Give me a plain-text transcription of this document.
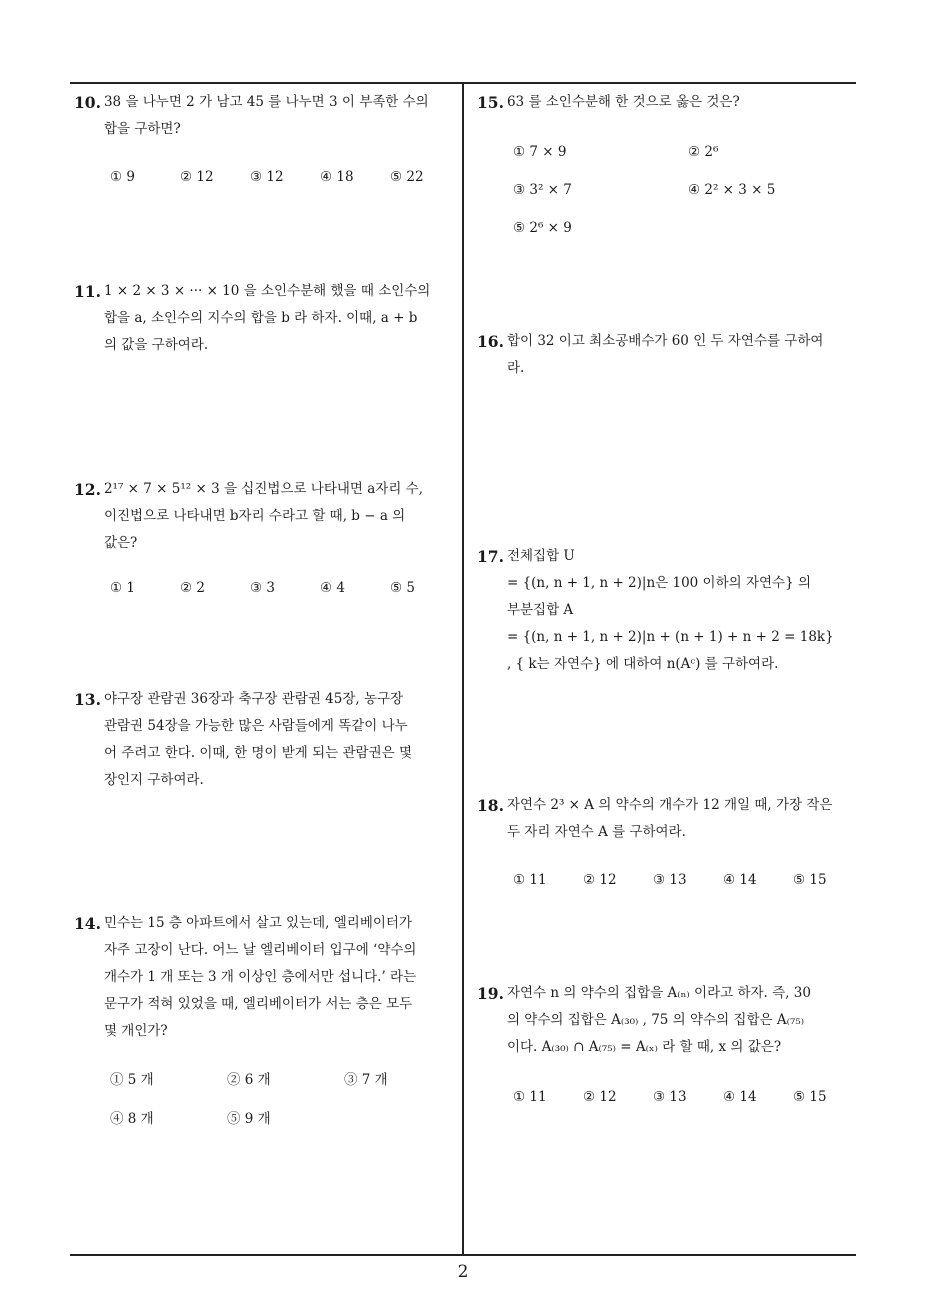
10. 38 을 나누면 2 가 남고 45 를 나누면 3 이 부족한 수의
합을 구하면?
① 9	② 12	③ 12	④ 18	⑤ 22
11. 1 × 2 × 3 × ··· × 10 을 소인수분해 했을 때 소인수의
합을 a, 소인수의 지수의 합을 b 라 하자. 이때, a + b
의 값을 구하여라.
12. 2¹⁷ × 7 × 5¹² × 3 을 십진법으로 나타내면 a자리 수,
이진법으로 나타내면 b자리 수라고 할 때, b − a 의
값은?
① 1	② 2	③ 3	④ 4	⑤ 5
13. 야구장 관람권 36장과 축구장 관람권 45장, 농구장
관람권 54장을 가능한 많은 사람들에게 똑같이 나누
어 주려고 한다. 이때, 한 명이 받게 되는 관람권은 몇
장인지 구하여라.
14. 민수는 15 층 아파트에서 살고 있는데, 엘리베이터가
자주 고장이 난다. 어느 날 엘리베이터 입구에 ‘약수의
개수가 1 개 또는 3 개 이상인 층에서만 섭니다.’ 라는
문구가 적혀 있었을 때, 엘리베이터가 서는 층은 모두
몇 개인가?
① 5 개	② 6 개	③ 7 개
④ 8 개	⑤ 9 개
15. 63 를 소인수분해 한 것으로 옳은 것은?
① 7 × 9	② 2⁶
③ 3² × 7	④ 2² × 3 × 5
⑤ 2⁶ × 9
16. 합이 32 이고 최소공배수가 60 인 두 자연수를 구하여
라.
17. 전체집합 U
= {(n, n + 1, n + 2)|n은 100 이하의 자연수} 의
부분집합 A
= {(n, n + 1, n + 2)|n + (n + 1) + n + 2 = 18k}
, { k는 자연수} 에 대하여 n(Aᶜ) 를 구하여라.
18. 자연수 2³ × A 의 약수의 개수가 12 개일 때, 가장 작은
두 자리 자연수 A 를 구하여라.
① 11	② 12	③ 13	④ 14	⑤ 15
19. 자연수 n 의 약수의 집합을 A₍ₙ₎ 이라고 하자. 즉, 30
의 약수의 집합은 A₍₃₀₎ , 75 의 약수의 집합은 A₍₇₅₎
이다. A₍₃₀₎ ∩ A₍₇₅₎ = A₍ₓ₎ 라 할 때, x 의 값은?
① 11	② 12	③ 13	④ 14	⑤ 15
2
